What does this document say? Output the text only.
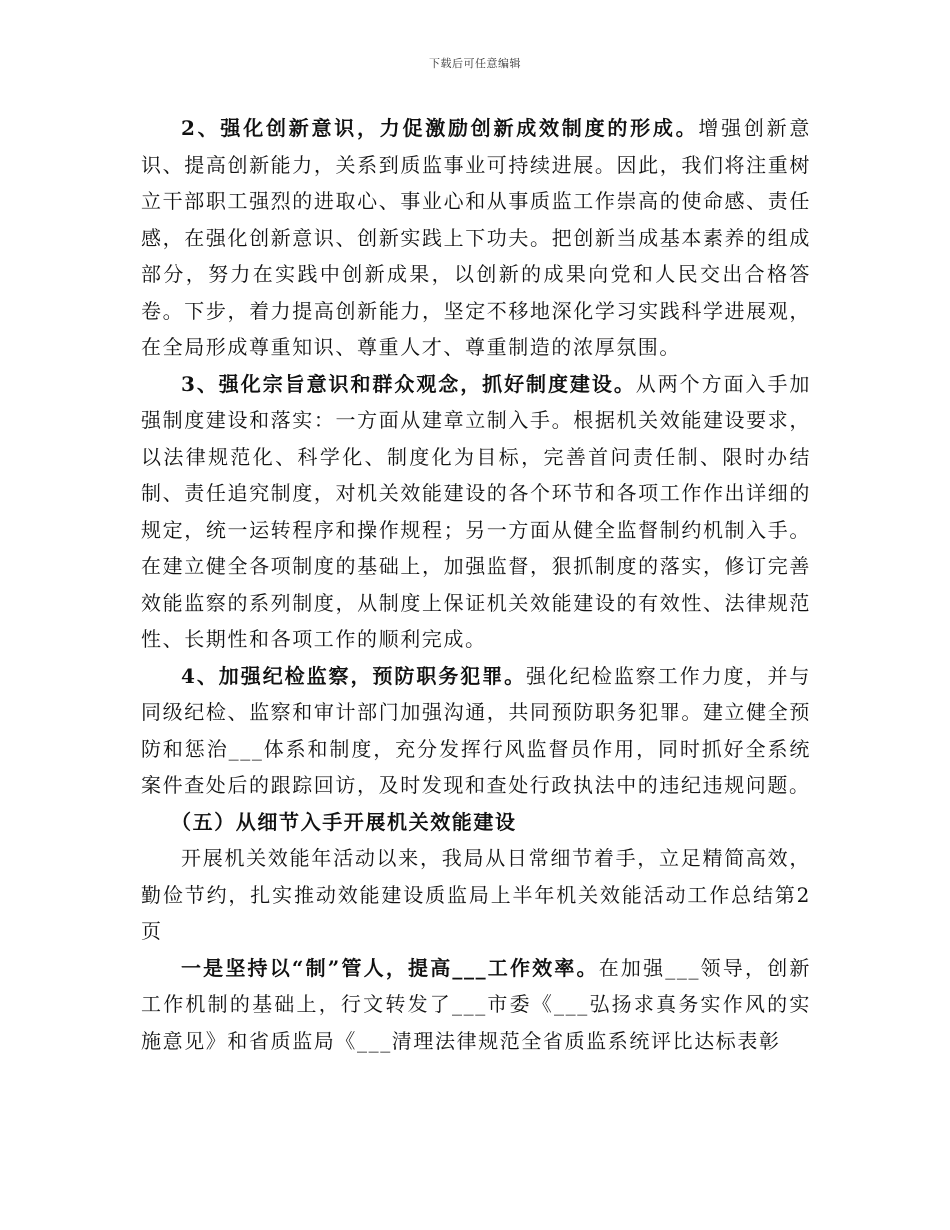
下载后可任意编辑

2、强化创新意识，力促激励创新成效制度的形成。增强创新意识、提高创新能力，关系到质监事业可持续进展。因此，我们将注重树立干部职工强烈的进取心、事业心和从事质监工作崇高的使命感、责任感，在强化创新意识、创新实践上下功夫。把创新当成基本素养的组成部分，努力在实践中创新成果，以创新的成果向党和人民交出合格答卷。下步，着力提高创新能力，坚定不移地深化学习实践科学进展观，在全局形成尊重知识、尊重人才、尊重制造的浓厚氛围。

3、强化宗旨意识和群众观念，抓好制度建设。从两个方面入手加强制度建设和落实：一方面从建章立制入手。根据机关效能建设要求，以法律规范化、科学化、制度化为目标，完善首问责任制、限时办结制、责任追究制度，对机关效能建设的各个环节和各项工作作出详细的规定，统一运转程序和操作规程；另一方面从健全监督制约机制入手。在建立健全各项制度的基础上，加强监督，狠抓制度的落实，修订完善效能监察的系列制度，从制度上保证机关效能建设的有效性、法律规范性、长期性和各项工作的顺利完成。

4、加强纪检监察，预防职务犯罪。强化纪检监察工作力度，并与同级纪检、监察和审计部门加强沟通，共同预防职务犯罪。建立健全预防和惩治___体系和制度，充分发挥行风监督员作用，同时抓好全系统案件查处后的跟踪回访，及时发现和查处行政执法中的违纪违规问题。

（五）从细节入手开展机关效能建设

开展机关效能年活动以来，我局从日常细节着手，立足精简高效，勤俭节约，扎实推动效能建设质监局上半年机关效能活动工作总结第2页

一是坚持以“制”管人，提高___工作效率。在加强___领导，创新工作机制的基础上，行文转发了___市委《___弘扬求真务实作风的实施意见》和省质监局《___清理法律规范全省质监系统评比达标表彰
